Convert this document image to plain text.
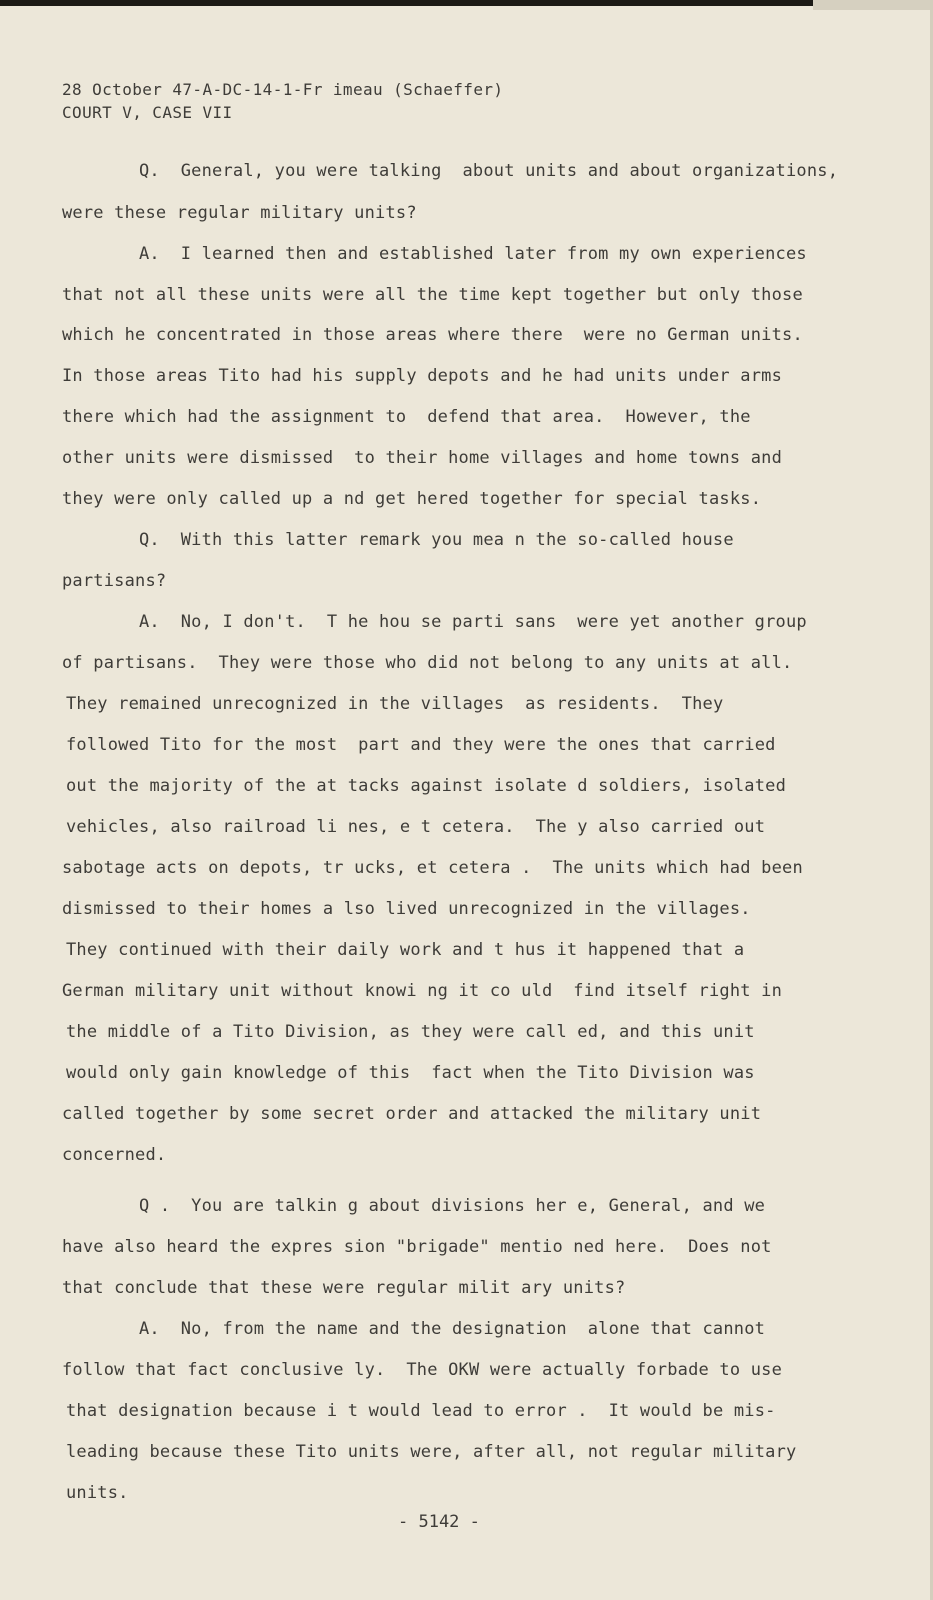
28 October 47-A-DC-14-1-Fr imeau (Schaeffer)
COURT V, CASE VII
Q.  General, you were talking  about units and about organizations,
were these regular military units?
A.  I learned then and established later from my own experiences
that not all these units were all the time kept together but only those
which he concentrated in those areas where there  were no German units.
In those areas Tito had his supply depots and he had units under arms
there which had the assignment to  defend that area.  However, the
other units were dismissed  to their home villages and home towns and
they were only called up a nd get hered together for special tasks.
Q.  With this latter remark you mea n the so-called house
partisans?
A.  No, I don't.  T he hou se parti sans  were yet another group
of partisans.  They were those who did not belong to any units at all.
They remained unrecognized in the villages  as residents.  They
followed Tito for the most  part and they were the ones that carried
out the majority of the at tacks against isolate d soldiers, isolated
vehicles, also railroad li nes, e t cetera.  The y also carried out
sabotage acts on depots, tr ucks, et cetera .  The units which had been
dismissed to their homes a lso lived unrecognized in the villages.
They continued with their daily work and t hus it happened that a
German military unit without knowi ng it co uld  find itself right in
the middle of a Tito Division, as they were call ed, and this unit
would only gain knowledge of this  fact when the Tito Division was
called together by some secret order and attacked the military unit
concerned.
Q .  You are talkin g about divisions her e, General, and we
have also heard the expres sion "brigade" mentio ned here.  Does not
that conclude that these were regular milit ary units?
A.  No, from the name and the designation  alone that cannot
follow that fact conclusive ly.  The OKW were actually forbade to use
that designation because i t would lead to error .  It would be mis-
leading because these Tito units were, after all, not regular military
units.
- 5142 -
